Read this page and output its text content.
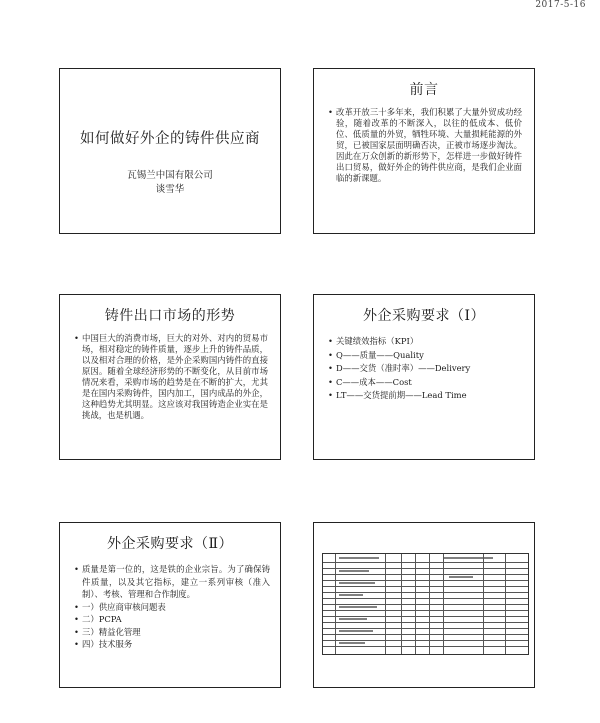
2017-5-16
如何做好外企的铸件供应商
瓦锡兰中国有限公司
谈雪华
前言
• 改革开放三十多年来，我们积累了大量外贸成功经验，随着改革的不断深入，以往的低成本、低价位、低质量的外贸，牺牲环境、大量损耗能源的外贸，已被国家层面明确否决，正被市场逐步淘汰。因此在万众创新的新形势下，怎样进一步做好铸件出口贸易，做好外企的铸件供应商，是我们企业面临的新课题。
铸件出口市场的形势
• 中国巨大的消费市场，巨大的对外、对内的贸易市场，相对稳定的铸件质量，逐步上升的铸件品质，以及相对合理的价格，是外企采购国内铸件的直接原因。随着全球经济形势的不断变化，从目前市场情况来看，采购市场的趋势是在不断的扩大，尤其是在国内采购铸件，国内加工，国内成品的外企，这种趋势尤其明显。这应该对我国铸造企业实在是挑战，也是机遇。
外企采购要求（Ⅰ）
• 关键绩效指标（KPI）
• Q——质量——Quality
• D——交货（准时率）——Delivery
• C——成本——Cost
• LT——交货提前期——Lead Time
外企采购要求（Ⅱ）
• 质量是第一位的，这是铁的企业宗旨。为了确保铸件质量，以及其它指标，建立一系列审核（准入制）、考核、管理和合作制度。
• 一）供应商审核问题表
• 二）PCPA
• 三）精益化管理
• 四）技术服务
